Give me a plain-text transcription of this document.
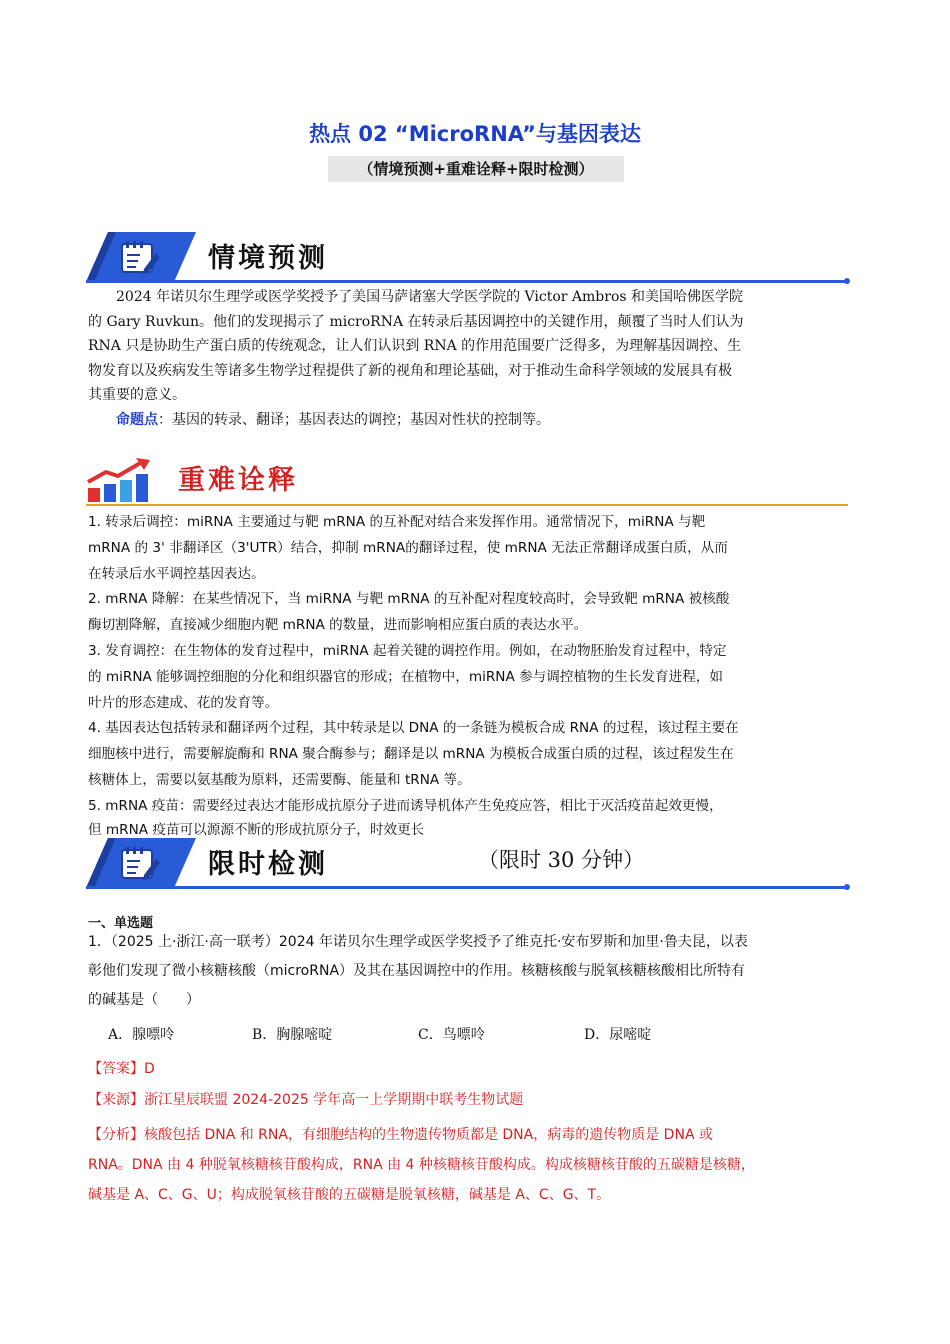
热点 02 “MicroRNA”与基因表达
（情境预测+重难诠释+限时检测）
情境预测
2024 年诺贝尔生理学或医学奖授予了美国马萨诸塞大学医学院的 Victor Ambros 和美国哈佛医学院
的 Gary Ruvkun。他们的发现揭示了 microRNA 在转录后基因调控中的关键作用，颠覆了当时人们认为
RNA 只是协助生产蛋白质的传统观念，让人们认识到 RNA 的作用范围要广泛得多，为理解基因调控、生
物发育以及疾病发生等诸多生物学过程提供了新的视角和理论基础，对于推动生命科学领域的发展具有极
其重要的意义。
命题点：基因的转录、翻译；基因表达的调控；基因对性状的控制等。
重难诠释
1. 转录后调控：miRNA 主要通过与靶 mRNA 的互补配对结合来发挥作用。通常情况下，miRNA 与靶
mRNA 的 3' 非翻译区（3'UTR）结合，抑制 mRNA的翻译过程，使 mRNA 无法正常翻译成蛋白质，从而
在转录后水平调控基因表达。
2. mRNA 降解：在某些情况下，当 miRNA 与靶 mRNA 的互补配对程度较高时，会导致靶 mRNA 被核酸
酶切割降解，直接减少细胞内靶 mRNA 的数量，进而影响相应蛋白质的表达水平。
3. 发育调控：在生物体的发育过程中，miRNA 起着关键的调控作用。例如，在动物胚胎发育过程中，特定
的 miRNA 能够调控细胞的分化和组织器官的形成；在植物中，miRNA 参与调控植物的生长发育进程，如
叶片的形态建成、花的发育等。
4. 基因表达包括转录和翻译两个过程，其中转录是以 DNA 的一条链为模板合成 RNA 的过程，该过程主要在
细胞核中进行，需要解旋酶和 RNA 聚合酶参与；翻译是以 mRNA 为模板合成蛋白质的过程，该过程发生在
核糖体上，需要以氨基酸为原料，还需要酶、能量和 tRNA 等。
5. mRNA 疫苗：需要经过表达才能形成抗原分子进而诱导机体产生免疫应答，相比于灭活疫苗起效更慢，
但 mRNA 疫苗可以源源不断的形成抗原分子，时效更长
限时检测	（限时 30 分钟）
一、单选题
1．（2025 上·浙江·高一联考）2024 年诺贝尔生理学或医学奖授予了维克托·安布罗斯和加里·鲁夫昆，以表
彰他们发现了微小核糖核酸（microRNA）及其在基因调控中的作用。核糖核酸与脱氧核糖核酸相比所特有
的碱基是（　　）
A．腺嘌呤	B．胸腺嘧啶	C．鸟嘌呤	D．尿嘧啶
【答案】D
【来源】浙江星辰联盟 2024-2025 学年高一上学期期中联考生物试题
【分析】核酸包括 DNA 和 RNA，有细胞结构的生物遗传物质都是 DNA，病毒的遗传物质是 DNA 或
RNA。DNA 由 4 种脱氧核糖核苷酸构成，RNA 由 4 种核糖核苷酸构成。构成核糖核苷酸的五碳糖是核糖，
碱基是 A、C、G、U；构成脱氧核苷酸的五碳糖是脱氧核糖，碱基是 A、C、G、T。
